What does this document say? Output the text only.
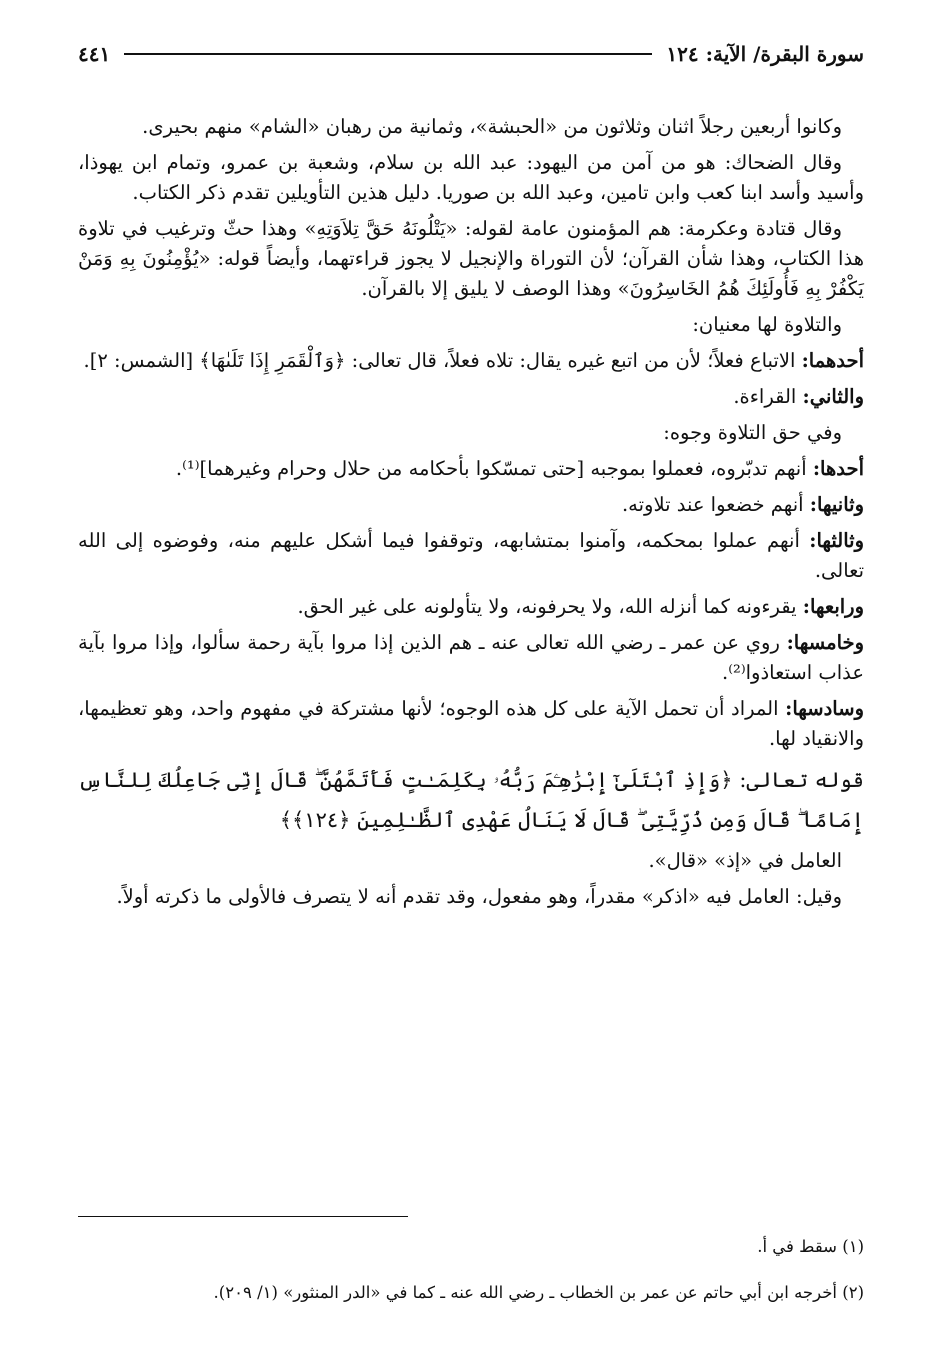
سورة البقرة/ الآية: ١٢٤
٤٤١

وكانوا أربعين رجلاً اثنان وثلاثون من «الحبشة»، وثمانية من رهبان «الشام» منهم بحيرى.

وقال الضحاك: هو من آمن من اليهود: عبد الله بن سلام، وشعبة بن عمرو، وتمام ابن يهوذا، وأسيد وأسد ابنا كعب وابن تامين، وعبد الله بن صوريا. دليل هذين التأويلين تقدم ذكر الكتاب.

وقال قتادة وعكرمة: هم المؤمنون عامة لقوله: «يَتْلُونَهُ حَقَّ تِلاَوَتِهِ» وهذا حثّ وترغيب في تلاوة هذا الكتاب، وهذا شأن القرآن؛ لأن التوراة والإنجيل لا يجوز قراءتهما، وأيضاً قوله: «يُؤْمِنُونَ بِهِ وَمَنْ يَكْفُرْ بِهِ فَأُولَئِكَ هُمُ الخَاسِرُونَ» وهذا الوصف لا يليق إلا بالقرآن.

والتلاوة لها معنيان:

أحدهما: الاتباع فعلاً؛ لأن من اتبع غيره يقال: تلاه فعلاً، قال تعالى: ﴿وَٱلْقَمَرِ إِذَا تَلَىٰهَا﴾ [الشمس: ٢].

والثاني: القراءة.

وفي حق التلاوة وجوه:

أحدها: أنهم تدبّروه، فعملوا بموجبه [حتى تمسّكوا بأحكامه من حلال وحرام وغيرهما]⁽¹⁾.

وثانيها: أنهم خضعوا عند تلاوته.

وثالثها: أنهم عملوا بمحكمه، وآمنوا بمتشابهه، وتوقفوا فيما أشكل عليهم منه، وفوضوه إلى الله تعالى.

ورابعها: يقرءونه كما أنزله الله، ولا يحرفونه، ولا يتأولونه على غير الحق.

وخامسها: روي عن عمر ـ رضي الله تعالى عنه ـ هم الذين إذا مروا بآية رحمة سألوا، وإذا مروا بآية عذاب استعاذوا⁽²⁾.

وسادسها: المراد أن تحمل الآية على كل هذه الوجوه؛ لأنها مشتركة في مفهوم واحد، وهو تعظيمها، والانقياد لها.

قوله تعالى: ﴿وَإِذِ ٱبْتَلَىٰٓ إِبْرَٰهِـۧمَ رَبُّهُۥ بِكَلِمَـٰتٍ فَأَتَمَّهُنَّ ۖ قَالَ إِنِّى جَاعِلُكَ لِلنَّاسِ إِمَامًا ۖ قَالَ وَمِن ذُرِّيَّتِى ۖ قَالَ لَا يَنَالُ عَهْدِى ٱلظَّـٰلِمِينَ ﴿١٢٤﴾﴾

العامل في «إذ» «قال».

وقيل: العامل فيه «اذكر» مقدراً، وهو مفعول، وقد تقدم أنه لا يتصرف فالأولى ما ذكرته أولاً.

(١) سقط في أ.

(٢) أخرجه ابن أبي حاتم عن عمر بن الخطاب ـ رضي الله عنه ـ كما في «الدر المنثور» (١/ ٢٠٩).
